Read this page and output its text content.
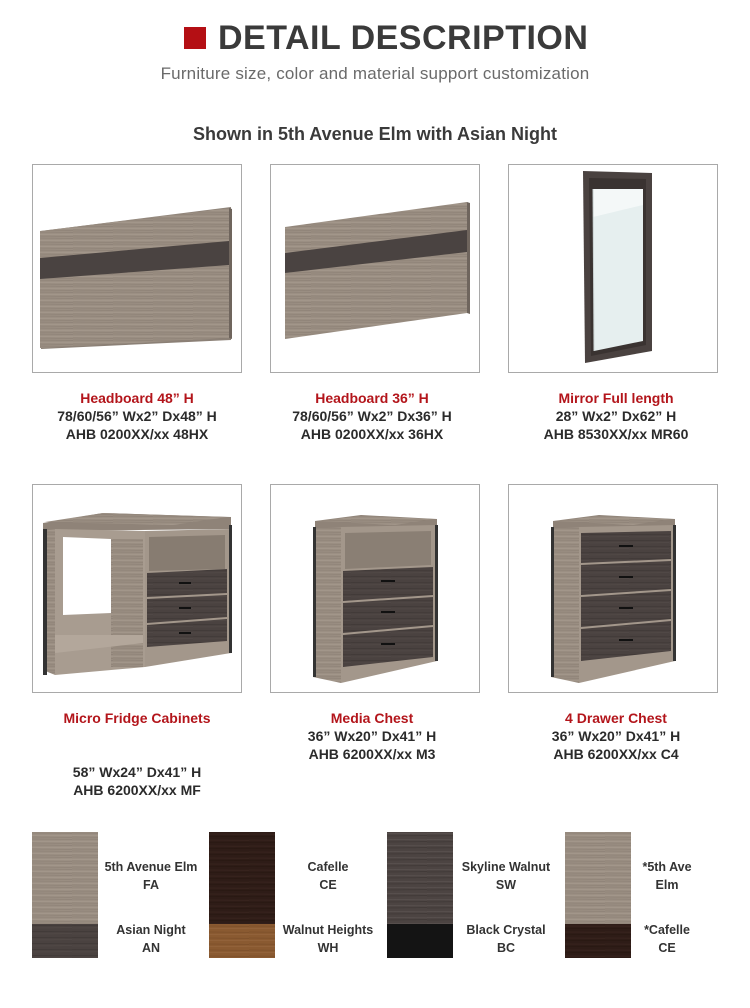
DETAIL DESCRIPTION
Furniture size, color and material support customization
Shown in 5th Avenue Elm with Asian Night
Headboard 48” H
78/60/56” Wx2” Dx48” H
AHB 0200XX/xx 48HX
Headboard 36” H
78/60/56” Wx2” Dx36” H
AHB 0200XX/xx 36HX
Mirror Full length
28” Wx2” Dx62” H
AHB 8530XX/xx MR60
Micro Fridge Cabinets
58” Wx24” Dx41” H
AHB 6200XX/xx MF
Media Chest
36” Wx20” Dx41” H
AHB 6200XX/xx M3
4 Drawer Chest
36” Wx20” Dx41” H
AHB 6200XX/xx C4
5th Avenue Elm
FA
Asian Night
AN
Cafelle
CE
Walnut Heights
WH
Skyline Walnut
SW
Black Crystal
BC
*5th Ave
Elm
*Cafelle
CE
